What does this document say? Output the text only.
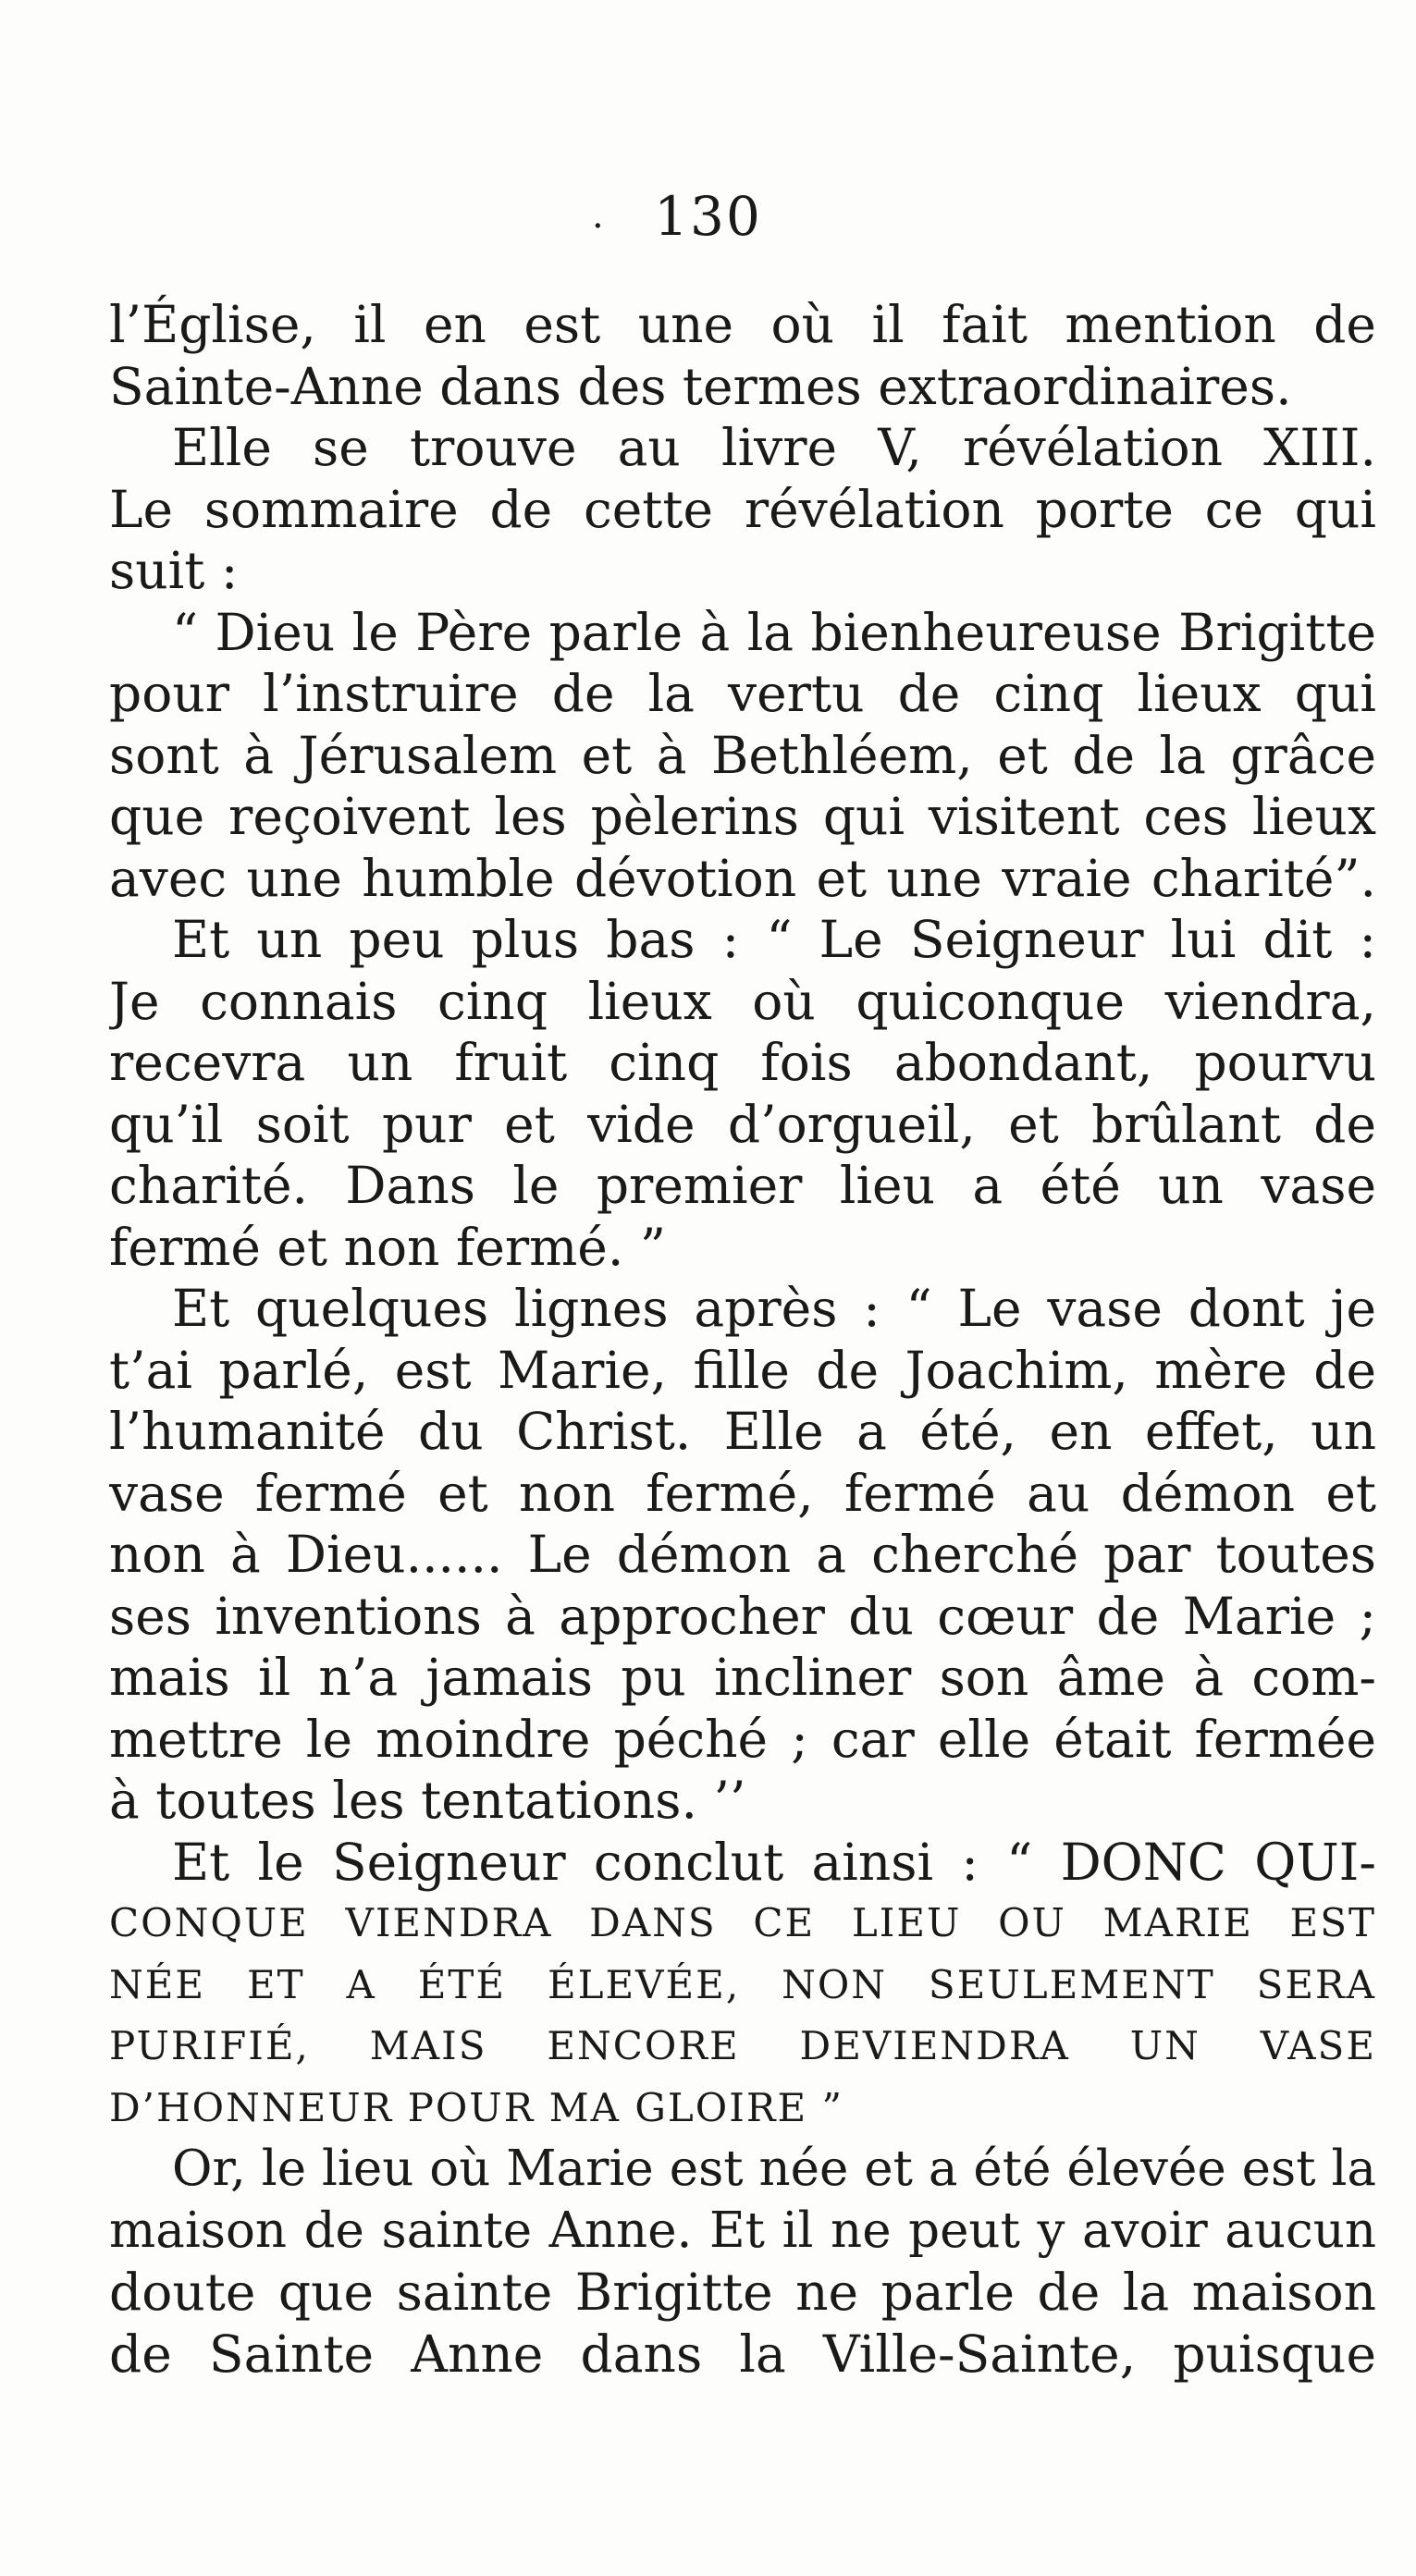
· 130
l’Église, il en est une où il fait mention de
Sainte-Anne dans des termes extraordinaires.
Elle se trouve au livre V, révélation XIII.
Le sommaire de cette révélation porte ce qui
suit :
“ Dieu le Père parle à la bienheureuse Brigitte
pour l’instruire de la vertu de cinq lieux qui
sont à Jérusalem et à Bethléem, et de la grâce
que reçoivent les pèlerins qui visitent ces lieux
avec une humble dévotion et une vraie charité”.
Et un peu plus bas : “ Le Seigneur lui dit :
Je connais cinq lieux où quiconque viendra,
recevra un fruit cinq fois abondant, pourvu
qu’il soit pur et vide d’orgueil, et brûlant de
charité. Dans le premier lieu a été un vase
fermé et non fermé. ”
Et quelques lignes après : “ Le vase dont je
t’ai parlé, est Marie, fille de Joachim, mère de
l’humanité du Christ. Elle a été, en effet, un
vase fermé et non fermé, fermé au démon et
non à Dieu...... Le démon a cherché par toutes
ses inventions à approcher du cœur de Marie ;
mais il n’a jamais pu incliner son âme à com-
mettre le moindre péché ; car elle était fermée
à toutes les tentations. ’’
Et le Seigneur conclut ainsi : “ DONC QUI-
CONQUE VIENDRA DANS CE LIEU OU MARIE EST
NÉE ET A ÉTÉ ÉLEVÉE, NON SEULEMENT SERA
PURIFIÉ, MAIS ENCORE DEVIENDRA UN VASE
D’HONNEUR POUR MA GLOIRE ”
Or, le lieu où Marie est née et a été élevée est la
maison de sainte Anne. Et il ne peut y avoir aucun
doute que sainte Brigitte ne parle de la maison
de Sainte Anne dans la Ville-Sainte, puisque
